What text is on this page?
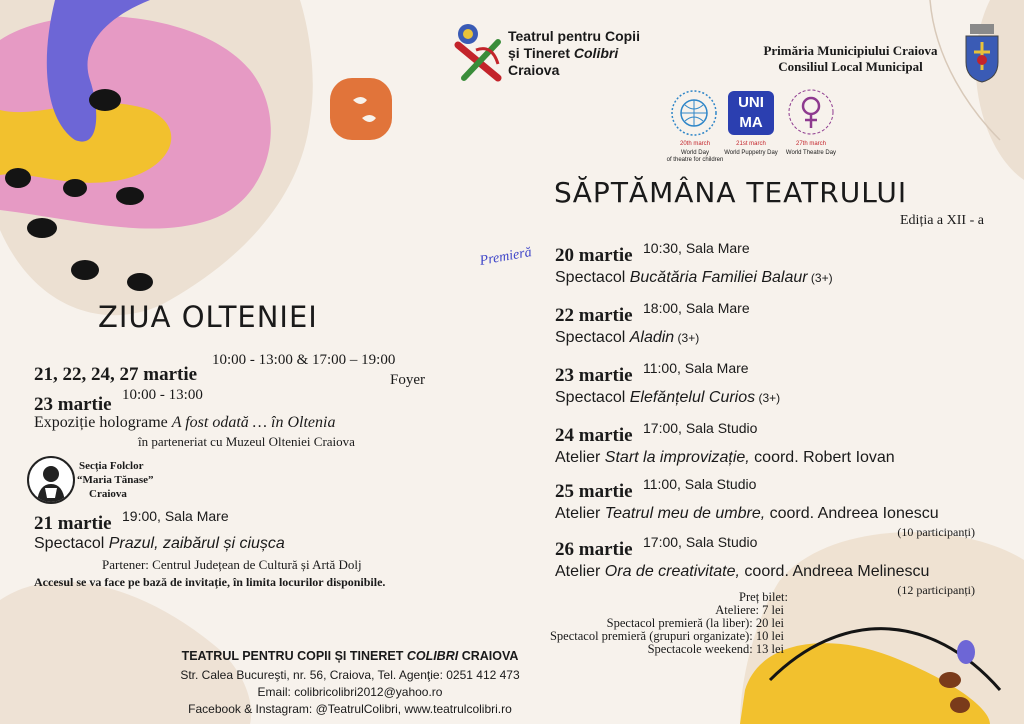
Teatrul pentru Copii
și Tineret Colibri
Craiova
Primăria Municipiului Craiova
Consiliul Local Municipal
UNIMA
20th march
World Day
of theatre for children
21st march
World Puppetry Day
27th march
World Theatre Day
ZIUA OLTENIEI
21, 22, 24, 27 martie
10:00 - 13:00 & 17:00 – 19:00
Foyer
23 martie 10:00 - 13:00
Expoziție holograme A fost odată … în Oltenia
în parteneriat cu Muzeul Olteniei Craiova
Secția Folclor
“Maria Tănase”
Craiova
21 martie 19:00, Sala Mare
Spectacol Prazul, zaibărul și ciușca
Partener: Centrul Județean de Cultură și Artă Dolj
Accesul se va face pe bază de invitație, în limita locurilor disponibile.
SĂPTĂMÂNA TEATRULUI
Ediția a XII - a
Premieră 20 martie 10:30, Sala Mare
Spectacol Bucătăria Familiei Balaur (3+)
22 martie 18:00, Sala Mare
Spectacol Aladin (3+)
23 martie 11:00, Sala Mare
Spectacol Elefănțelul Curios (3+)
24 martie 17:00, Sala Studio
Atelier Start la improvizație, coord. Robert Iovan
25 martie 11:00, Sala Studio
Atelier Teatrul meu de umbre, coord. Andreea Ionescu
(10 participanți)
26 martie 17:00, Sala Studio
Atelier Ora de creativitate, coord. Andreea Melinescu
(12 participanți)
Preț bilet:
Ateliere: 7 lei
Spectacol premieră (la liber): 20 lei
Spectacol premieră (grupuri organizate): 10 lei
Spectacole weekend: 13 lei
TEATRUL PENTRU COPII ȘI TINERET COLIBRI CRAIOVA
Str. Calea Bucureşti, nr. 56, Craiova, Tel. Agenţie: 0251 412 473
Email: colibricolibri2012@yahoo.ro
Facebook & Instagram: @TeatrulColibri, www.teatrulcolibri.ro
